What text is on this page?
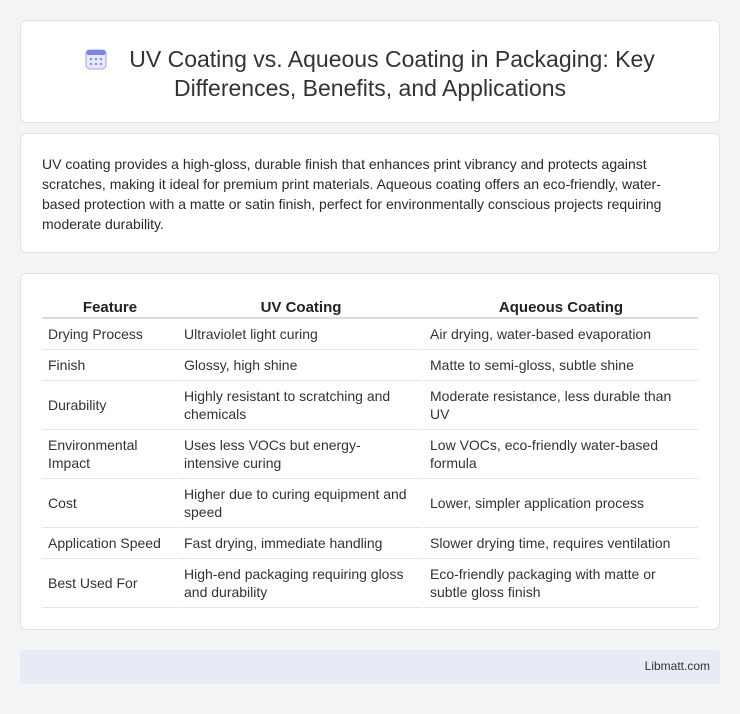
UV Coating vs. Aqueous Coating in Packaging: Key Differences, Benefits, and Applications

UV coating provides a high-gloss, durable finish that enhances print vibrancy and protects against scratches, making it ideal for premium print materials. Aqueous coating offers an eco-friendly, water-based protection with a matte or satin finish, perfect for environmentally conscious projects requiring moderate durability.

Feature	UV Coating	Aqueous Coating
Drying Process	Ultraviolet light curing	Air drying, water-based evaporation
Finish	Glossy, high shine	Matte to semi-gloss, subtle shine
Durability	Highly resistant to scratching and chemicals	Moderate resistance, less durable than UV
Environmental Impact	Uses less VOCs but energy-intensive curing	Low VOCs, eco-friendly water-based formula
Cost	Higher due to curing equipment and speed	Lower, simpler application process
Application Speed	Fast drying, immediate handling	Slower drying time, requires ventilation
Best Used For	High-end packaging requiring gloss and durability	Eco-friendly packaging with matte or subtle gloss finish
Libmatt.com
